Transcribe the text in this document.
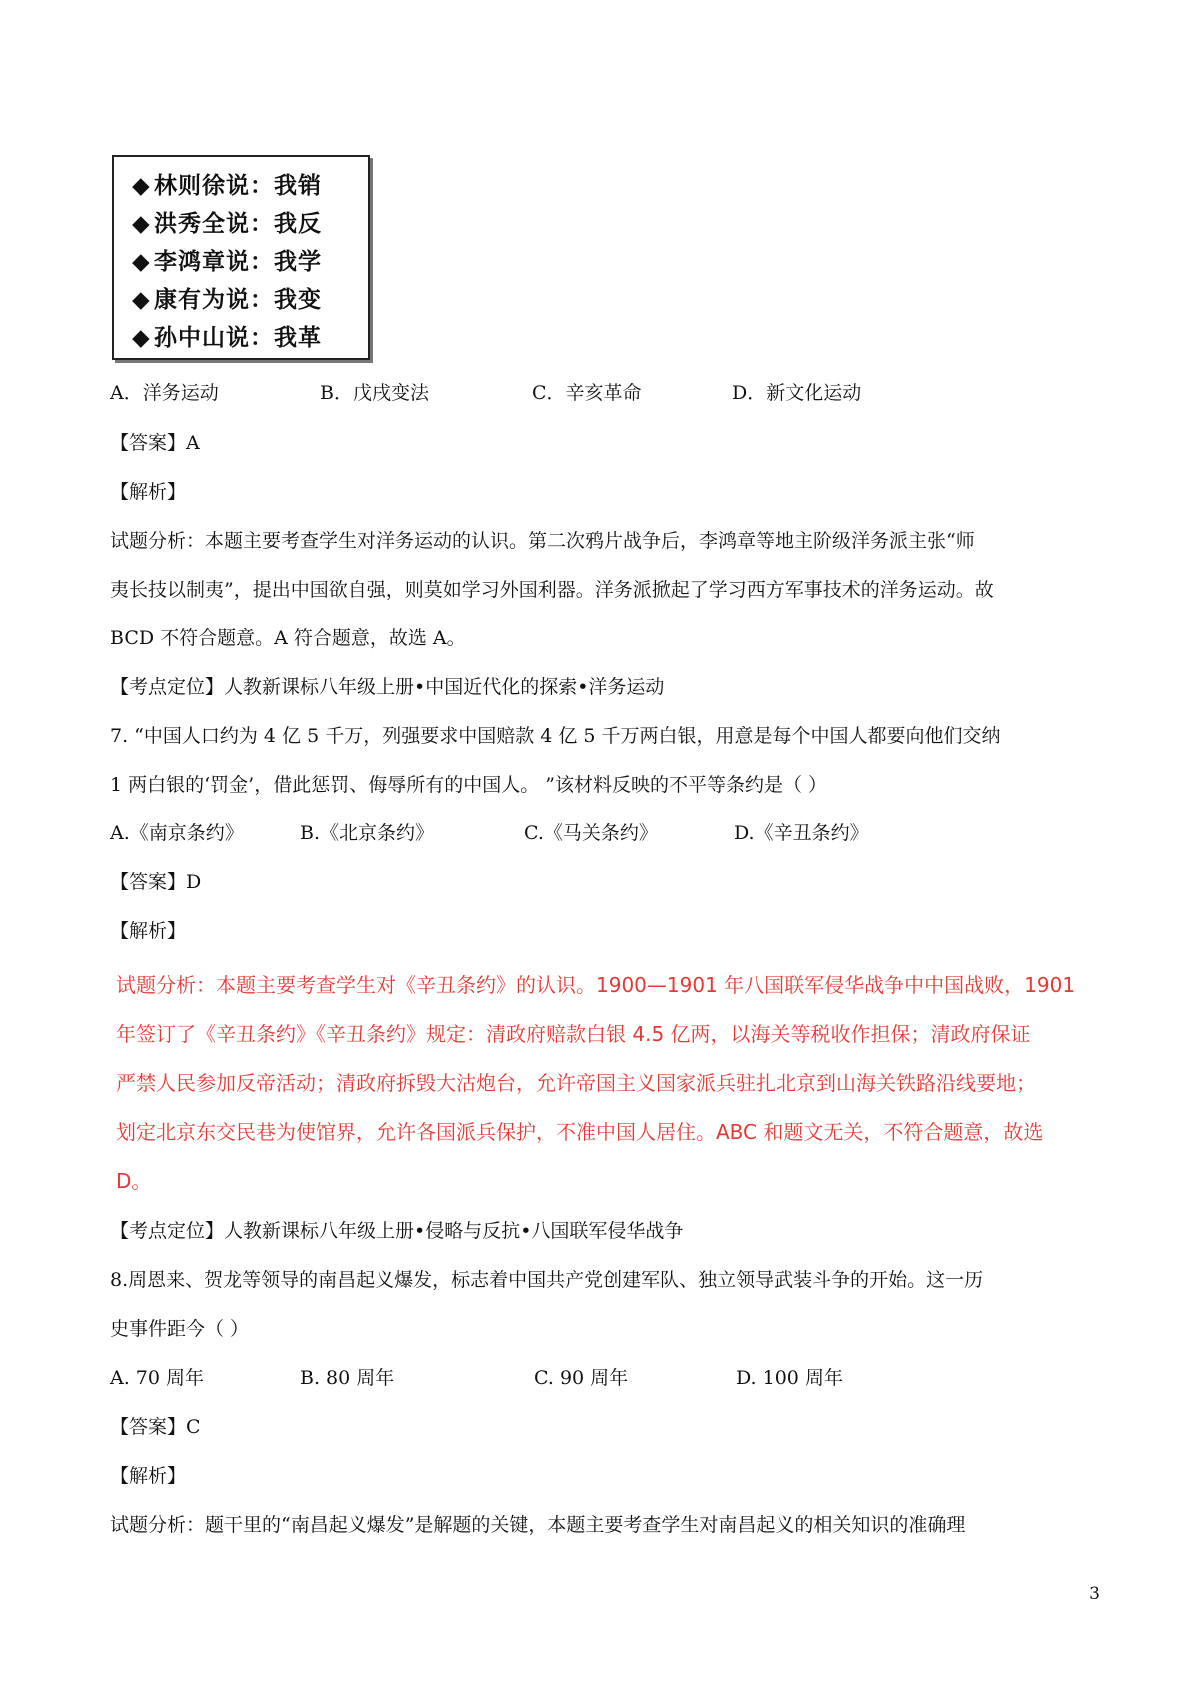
◆ 林则徐说：我销
◆ 洪秀全说：我反
◆ 李鸿章说：我学
◆ 康有为说：我变
◆ 孙中山说：我革
A．洋务运动	B．戊戌变法	C．辛亥革命	D．新文化运动
【答案】A
【解析】
试题分析：本题主要考查学生对洋务运动的认识。第二次鸦片战争后，李鸿章等地主阶级洋务派主张“师
夷长技以制夷”，提出中国欲自强，则莫如学习外国利器。洋务派掀起了学习西方军事技术的洋务运动。故
BCD 不符合题意。A 符合题意，故选 A。
【考点定位】人教新课标八年级上册•中国近代化的探索•洋务运动
7. “中国人口约为 4 亿 5 千万，列强要求中国赔款 4 亿 5 千万两白银，用意是每个中国人都要向他们交纳
1 两白银的‘罚金’，借此惩罚、侮辱所有的中国人。 ”该材料反映的不平等条约是（ ）
A.《南京条约》	B.《北京条约》	C.《马关条约》	D.《辛丑条约》
【答案】D
【解析】
试题分析：本题主要考查学生对《辛丑条约》的认识。1900—1901 年八国联军侵华战争中中国战败，1901
年签订了《辛丑条约》《辛丑条约》规定：清政府赔款白银 4.5 亿两，以海关等税收作担保；清政府保证
严禁人民参加反帝活动；清政府拆毁大沽炮台，允许帝国主义国家派兵驻扎北京到山海关铁路沿线要地；
划定北京东交民巷为使馆界，允许各国派兵保护，不准中国人居住。ABC 和题文无关，不符合题意，故选
D。
【考点定位】人教新课标八年级上册•侵略与反抗•八国联军侵华战争
8.周恩来、贺龙等领导的南昌起义爆发，标志着中国共产党创建军队、独立领导武装斗争的开始。这一历
史事件距今（ ）
A. 70 周年	B. 80 周年	C. 90 周年	D. 100 周年
【答案】C
【解析】
试题分析：题干里的“南昌起义爆发”是解题的关键，本题主要考查学生对南昌起义的相关知识的准确理
3
